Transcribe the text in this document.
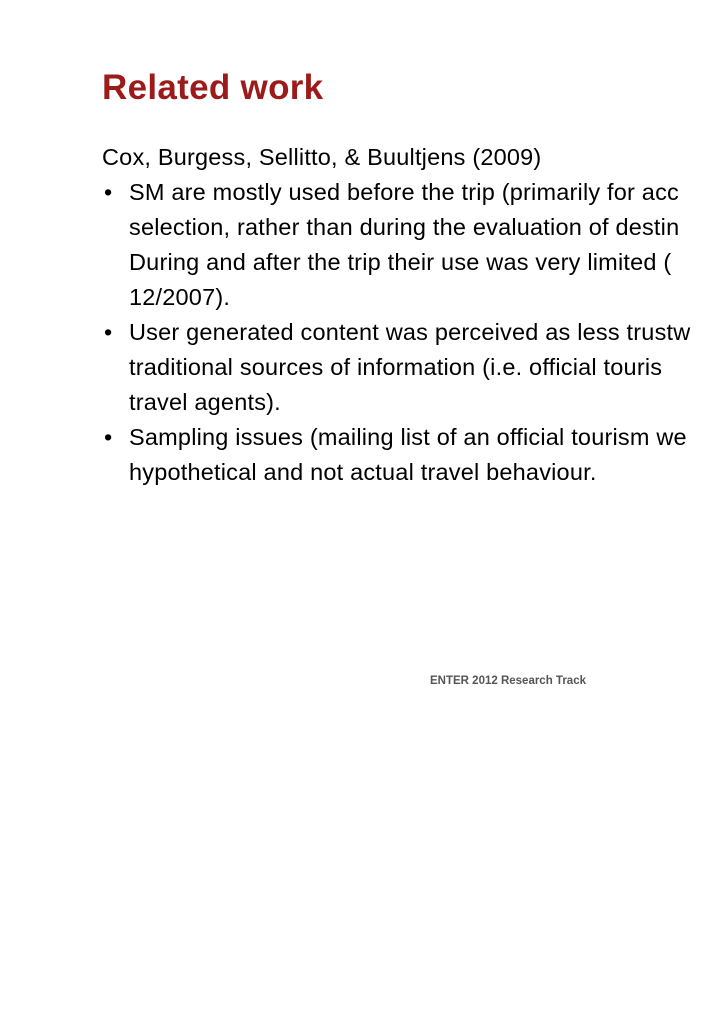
Related work

Cox, Burgess, Sellitto, & Buultjens (2009)

• SM are mostly used before the trip (primarily for acc
selection, rather than during the evaluation of destin
During and after the trip their use was very limited (
12/2007).
• User generated content was perceived as less trustw
traditional sources of information (i.e. official touris
travel agents).
• Sampling issues (mailing list of an official tourism we
hypothetical and not actual travel behaviour.
ENTER 2012 Research Track
